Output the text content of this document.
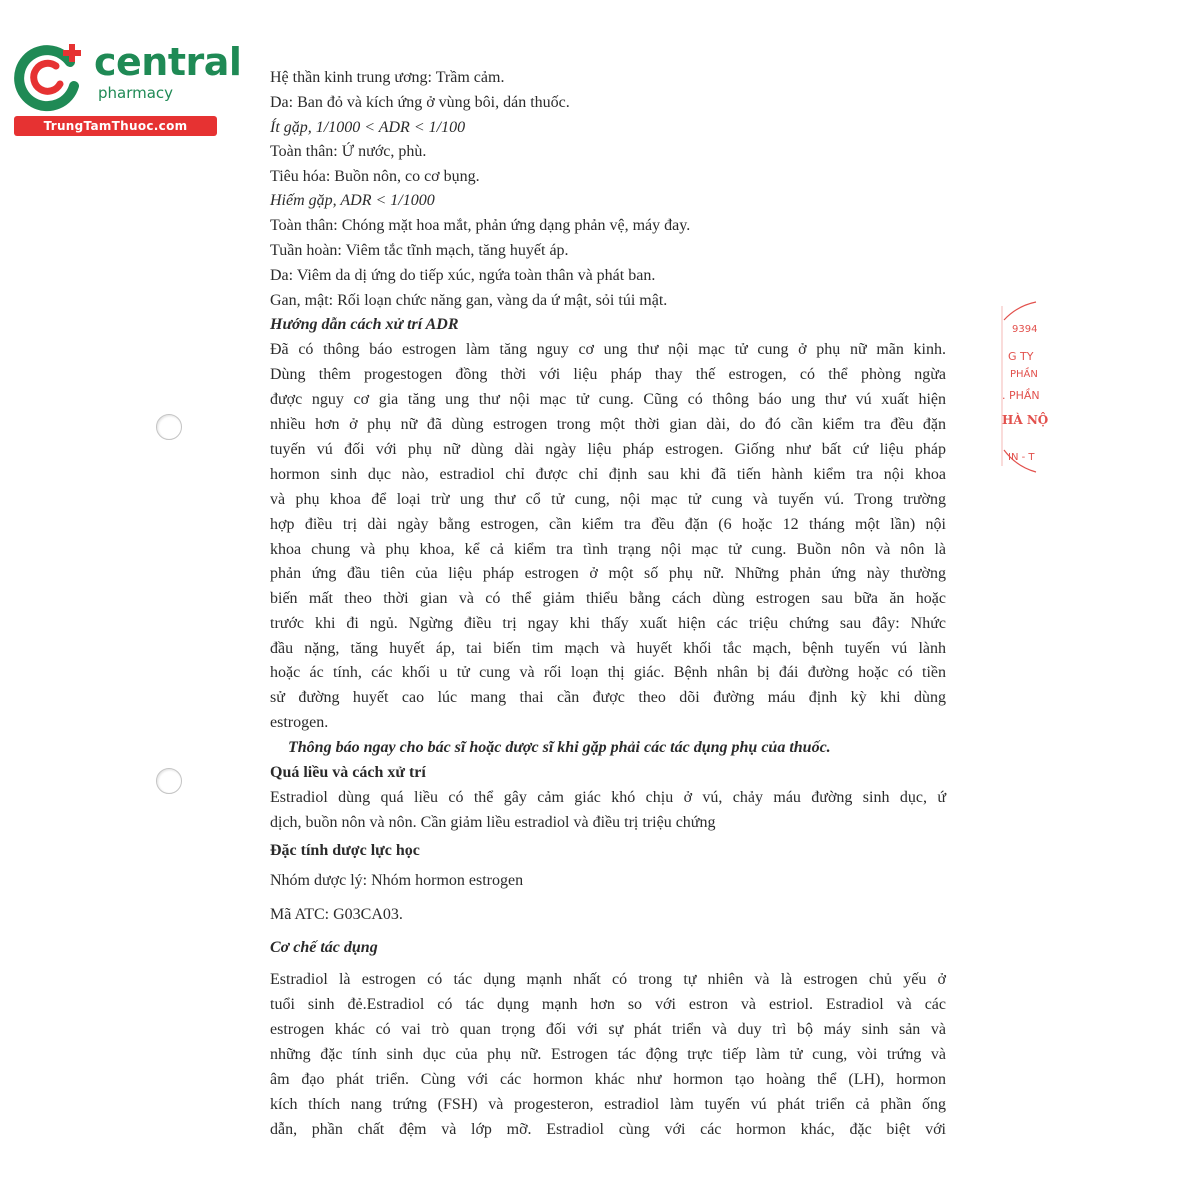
central
pharmacy
TrungTamThuoc.com
9394
G TY
PHẦN
. PHẦN
HÀ NỘ
IN - T
Hệ thần kinh trung ương: Trầm cảm.
Da: Ban đỏ và kích ứng ở vùng bôi, dán thuốc.
Ít gặp, 1/1000 < ADR < 1/100
Toàn thân: Ứ nước, phù.
Tiêu hóa: Buồn nôn, co cơ bụng.
Hiếm gặp, ADR < 1/1000
Toàn thân: Chóng mặt hoa mắt, phản ứng dạng phản vệ, máy đay.
Tuần hoàn: Viêm tắc tĩnh mạch, tăng huyết áp.
Da: Viêm da dị ứng do tiếp xúc, ngứa toàn thân và phát ban.
Gan, mật: Rối loạn chức năng gan, vàng da ứ mật, sỏi túi mật.
Hướng dẫn cách xử trí ADR
Đã có thông báo estrogen làm tăng nguy cơ ung thư nội mạc tử cung ở phụ nữ mãn kinh.
Dùng thêm progestogen đồng thời với liệu pháp thay thế estrogen, có thể phòng ngừa
được nguy cơ gia tăng ung thư nội mạc tử cung. Cũng có thông báo ung thư vú xuất hiện
nhiều hơn ở phụ nữ đã dùng estrogen trong một thời gian dài, do đó cần kiểm tra đều đặn
tuyến vú đối với phụ nữ dùng dài ngày liệu pháp estrogen. Giống như bất cứ liệu pháp
hormon sinh dục nào, estradiol chỉ được chỉ định sau khi đã tiến hành kiểm tra nội khoa
và phụ khoa để loại trừ ung thư cổ tử cung, nội mạc tử cung và tuyến vú. Trong trường
hợp điều trị dài ngày bằng estrogen, cần kiểm tra đều đặn (6 hoặc 12 tháng một lần) nội
khoa chung và phụ khoa, kể cả kiểm tra tình trạng nội mạc tử cung. Buồn nôn và nôn là
phản ứng đầu tiên của liệu pháp estrogen ở một số phụ nữ. Những phản ứng này thường
biến mất theo thời gian và có thể giảm thiểu bằng cách dùng estrogen sau bữa ăn hoặc
trước khi đi ngủ. Ngừng điều trị ngay khi thấy xuất hiện các triệu chứng sau đây: Nhức
đầu nặng, tăng huyết áp, tai biến tim mạch và huyết khối tắc mạch, bệnh tuyến vú lành
hoặc ác tính, các khối u tử cung và rối loạn thị giác. Bệnh nhân bị đái đường hoặc có tiền
sử đường huyết cao lúc mang thai cần được theo dõi đường máu định kỳ khi dùng
estrogen.
Thông báo ngay cho bác sĩ hoặc dược sĩ khi gặp phải các tác dụng phụ của thuốc.
Quá liều và cách xử trí
Estradiol dùng quá liều có thể gây cảm giác khó chịu ở vú, chảy máu đường sinh dục, ứ
dịch, buồn nôn và nôn. Cần giảm liều estradiol và điều trị triệu chứng
Đặc tính dược lực học
Nhóm dược lý: Nhóm hormon estrogen
Mã ATC: G03CA03.
Cơ chế tác dụng
Estradiol là estrogen có tác dụng mạnh nhất có trong tự nhiên và là estrogen chủ yếu ở
tuổi sinh đẻ.Estradiol có tác dụng mạnh hơn so với estron và estriol. Estradiol và các
estrogen khác có vai trò quan trọng đối với sự phát triển và duy trì bộ máy sinh sản và
những đặc tính sinh dục của phụ nữ. Estrogen tác động trực tiếp làm tử cung, vòi trứng và
âm đạo phát triển. Cùng với các hormon khác như hormon tạo hoàng thể (LH), hormon
kích thích nang trứng (FSH) và progesteron, estradiol làm tuyến vú phát triển cả phần ống
dẫn, phần chất đệm và lớp mỡ. Estradiol cùng với các hormon khác, đặc biệt với
